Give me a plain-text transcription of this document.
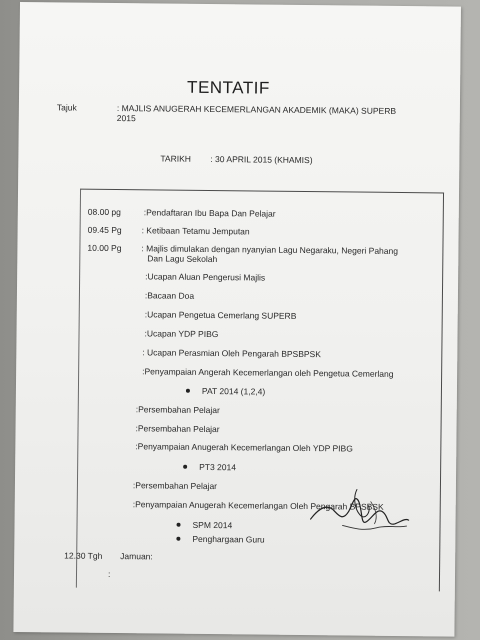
TENTATIF
Tajuk	: MAJLIS ANUGERAH KECEMERLANGAN AKADEMIK (MAKA) SUPERB
2015
TARIKH : 30 APRIL 2015 (KHAMIS)
08.00 pg	:Pendaftaran Ibu Bapa Dan Pelajar
09.45 Pg : Ketibaan Tetamu Jemputan
10.00 Pg : Majlis dimulakan dengan nyanyian Lagu Negaraku, Negeri Pahang
Dan Lagu Sekolah
:Ucapan Aluan Pengerusi Majlis
:Bacaan Doa
:Ucapan Pengetua Cemerlang SUPERB
:Ucapan YDP PIBG
: Ucapan Perasmian Oleh Pengarah BPSBPSK
:Penyampaian Angerah Kecemerlangan oleh Pengetua Cemerlang
PAT 2014 (1,2,4)
:Persembahan Pelajar
:Persembahan Pelajar
:Penyampaian Anugerah Kecemerlangan Oleh YDP PIBG
PT3 2014
:Persembahan Pelajar
:Penyampaian Anugerah Kecemerlangan Oleh Pengarah BPSBSK
SPM 2014
Penghargaan Guru
12.30 Tgh Jamuan:
:
